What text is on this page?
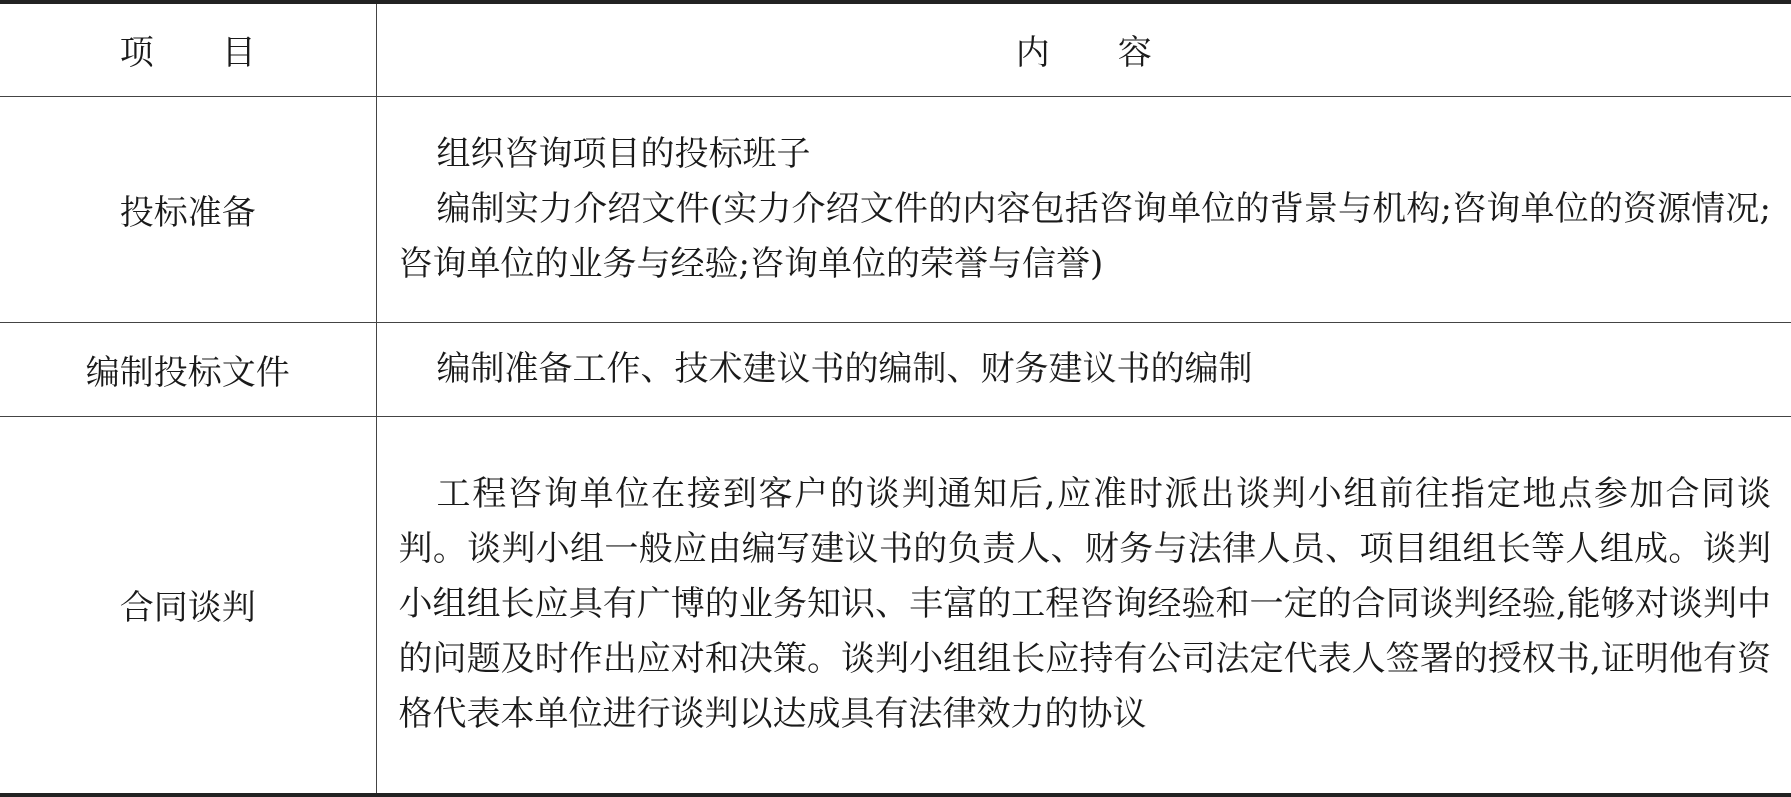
项　　目	内　　容
投标准备	组织咨询项目的投标班子

编制实力介绍文件(实力介绍文件的内容包括咨询单位的背景与机构;咨询单位的资源情况;咨询单位的业务与经验;咨询单位的荣誉与信誉)

编制投标文件	编制准备工作、技术建议书的编制、财务建议书的编制

合同谈判	工程咨询单位在接到客户的谈判通知后,应准时派出谈判小组前往指定地点参加合同谈判。谈判小组一般应由编写建议书的负责人、财务与法律人员、项目组组长等人组成。谈判小组组长应具有广博的业务知识、丰富的工程咨询经验和一定的合同谈判经验,能够对谈判中的问题及时作出应对和决策。谈判小组组长应持有公司法定代表人签署的授权书,证明他有资格代表本单位进行谈判以达成具有法律效力的协议
